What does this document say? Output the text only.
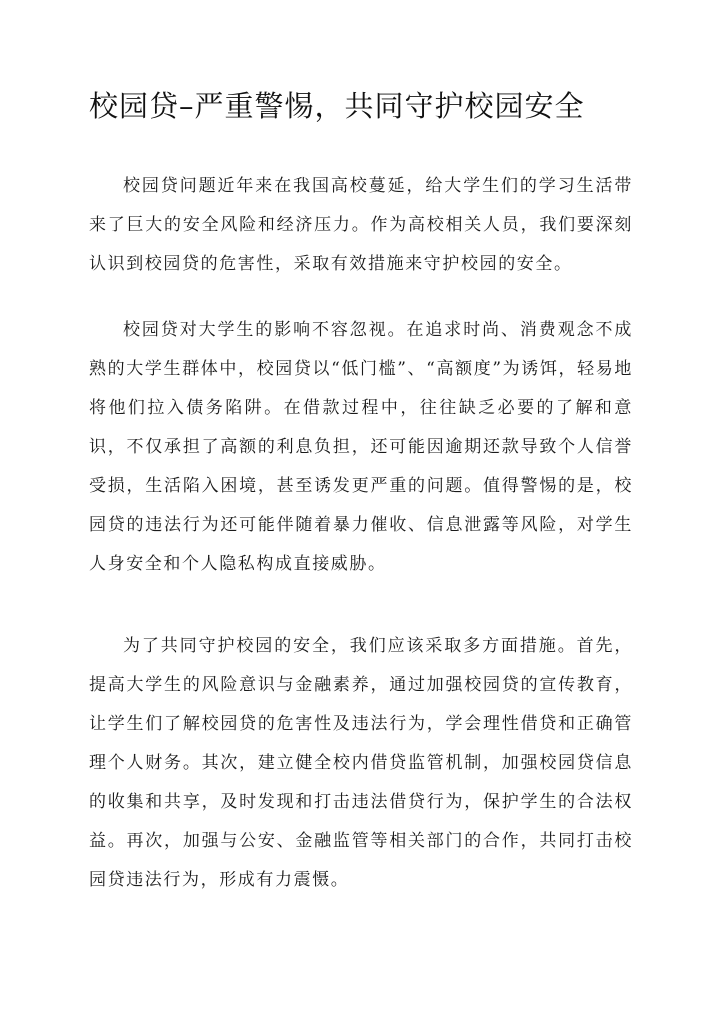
校园贷–严重警惕，共同守护校园安全

校园贷问题近年来在我国高校蔓延，给大学生们的学习生活带来了巨大的安全风险和经济压力。作为高校相关人员，我们要深刻认识到校园贷的危害性，采取有效措施来守护校园的安全。

校园贷对大学生的影响不容忽视。在追求时尚、消费观念不成熟的大学生群体中，校园贷以“低门槛”、“高额度”为诱饵，轻易地将他们拉入债务陷阱。在借款过程中，往往缺乏必要的了解和意识，不仅承担了高额的利息负担，还可能因逾期还款导致个人信誉受损，生活陷入困境，甚至诱发更严重的问题。值得警惕的是，校园贷的违法行为还可能伴随着暴力催收、信息泄露等风险，对学生人身安全和个人隐私构成直接威胁。

为了共同守护校园的安全，我们应该采取多方面措施。首先，提高大学生的风险意识与金融素养，通过加强校园贷的宣传教育，让学生们了解校园贷的危害性及违法行为，学会理性借贷和正确管理个人财务。其次，建立健全校内借贷监管机制，加强校园贷信息的收集和共享，及时发现和打击违法借贷行为，保护学生的合法权益。再次，加强与公安、金融监管等相关部门的合作，共同打击校园贷违法行为，形成有力震慑。
